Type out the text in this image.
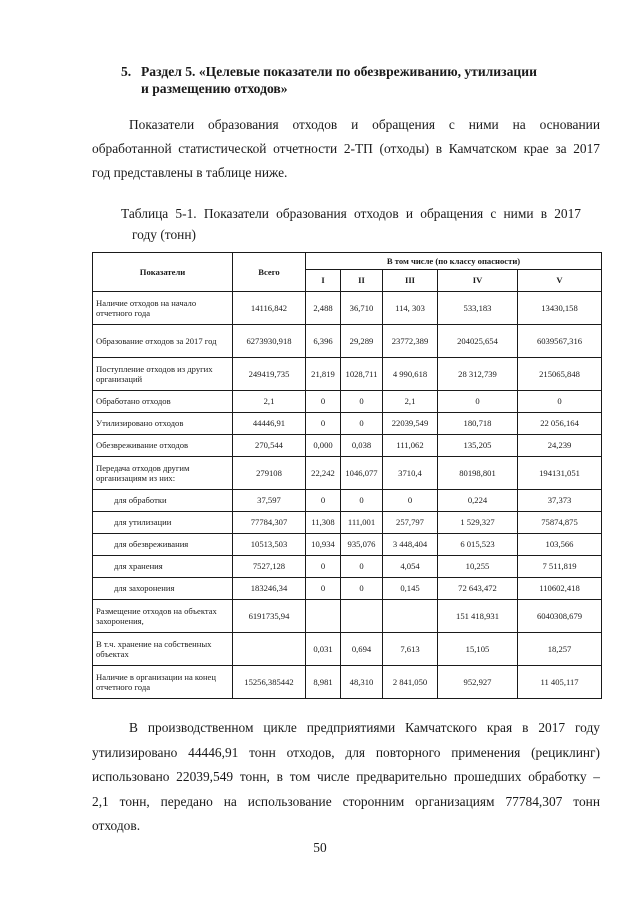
5. Раздел 5. «Целевые показатели по обезвреживанию, утилизации
и размещению отходов»
Показатели образования отходов и обращения с ними на основании
обработанной статистической отчетности 2-ТП (отходы) в Камчатском крае за 2017
год представлены в таблице ниже.
Таблица 5-1. Показатели образования отходов и обращения с ними в 2017
году (тонн)
Показатели	Всего	В том числе (по классу опасности)				
		I	II	III	IV	V
Наличие отходов на начало отчетного года	14116,842	2,488	36,710	114, 303	533,183	13430,158
Образование отходов за 2017 год	6273930,918	6,396	29,289	23772,389	204025,654	6039567,316
Поступление отходов из других организаций	249419,735	21,819	1028,711	4 990,618	28 312,739	215065,848
Обработано отходов	2,1	0	0	2,1	0	0
Утилизировано отходов	44446,91	0	0	22039,549	180,718	22 056,164
Обезвреживание отходов	270,544	0,000	0,038	111,062	135,205	24,239
Передача отходов другим организациям из них:	279108	22,242	1046,077	3710,4	80198,801	194131,051
для обработки	37,597	0	0	0	0,224	37,373
для утилизации	77784,307	11,308	111,001	257,797	1 529,327	75874,875
для обезвреживания	10513,503	10,934	935,076	3 448,404	6 015,523	103,566
для хранения	7527,128	0	0	4,054	10,255	7 511,819
для захоронения	183246,34	0	0	0,145	72 643,472	110602,418
Размещение отходов на объектах захоронения,	6191735,94				151 418,931	6040308,679
В т.ч. хранение на собственных объектах		0,031	0,694	7,613	15,105	18,257
Наличие в организации на конец отчетного года	15256,385442	8,981	48,310	2 841,050	952,927	11 405,117
В производственном цикле предприятиями Камчатского края в 2017 году
утилизировано 44446,91 тонн отходов, для повторного применения (рециклинг)
использовано 22039,549 тонн, в том числе предварительно прошедших обработку –
2,1 тонн, передано на использование сторонним организациям 77784,307 тонн
отходов.
50
